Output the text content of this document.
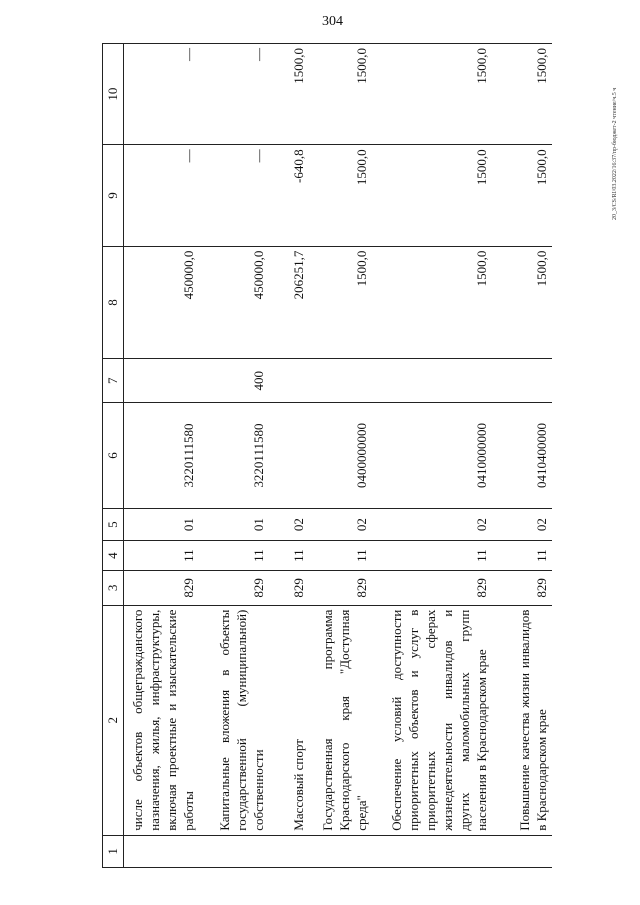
304
20_3/CS/RI/03.2022/16:37/пр-бюджет-2 чтение/ч.5 ч
1	2	3	4	5	6	7	8	9	10
	числе объектов общегражданского назначения, жилья, инфраструктуры, включая проектные и изыскательские работы	829	11	01	3220111580		450000,0	—	—
	Капитальные вложения в объекты государственной (муниципальной) собственности	829	11	01	3220111580	400	450000,0	—	—
	Массовый спорт	829	11	02			206251,7	-640,8	1500,0
	Государственная программа Краснодарского края "Доступная среда"	829	11	02	0400000000		1500,0	1500,0	1500,0
	Обеспечение условий доступности приоритетных объектов и услуг в приоритетных сферах жизнедеятельности инвалидов и других маломобильных групп населения в Краснодарском крае	829	11	02	0410000000		1500,0	1500,0	1500,0
	Повышение качества жизни инвалидов в Краснодарском крае	829	11	02	0410400000		1500,0	1500,0	1500,0
